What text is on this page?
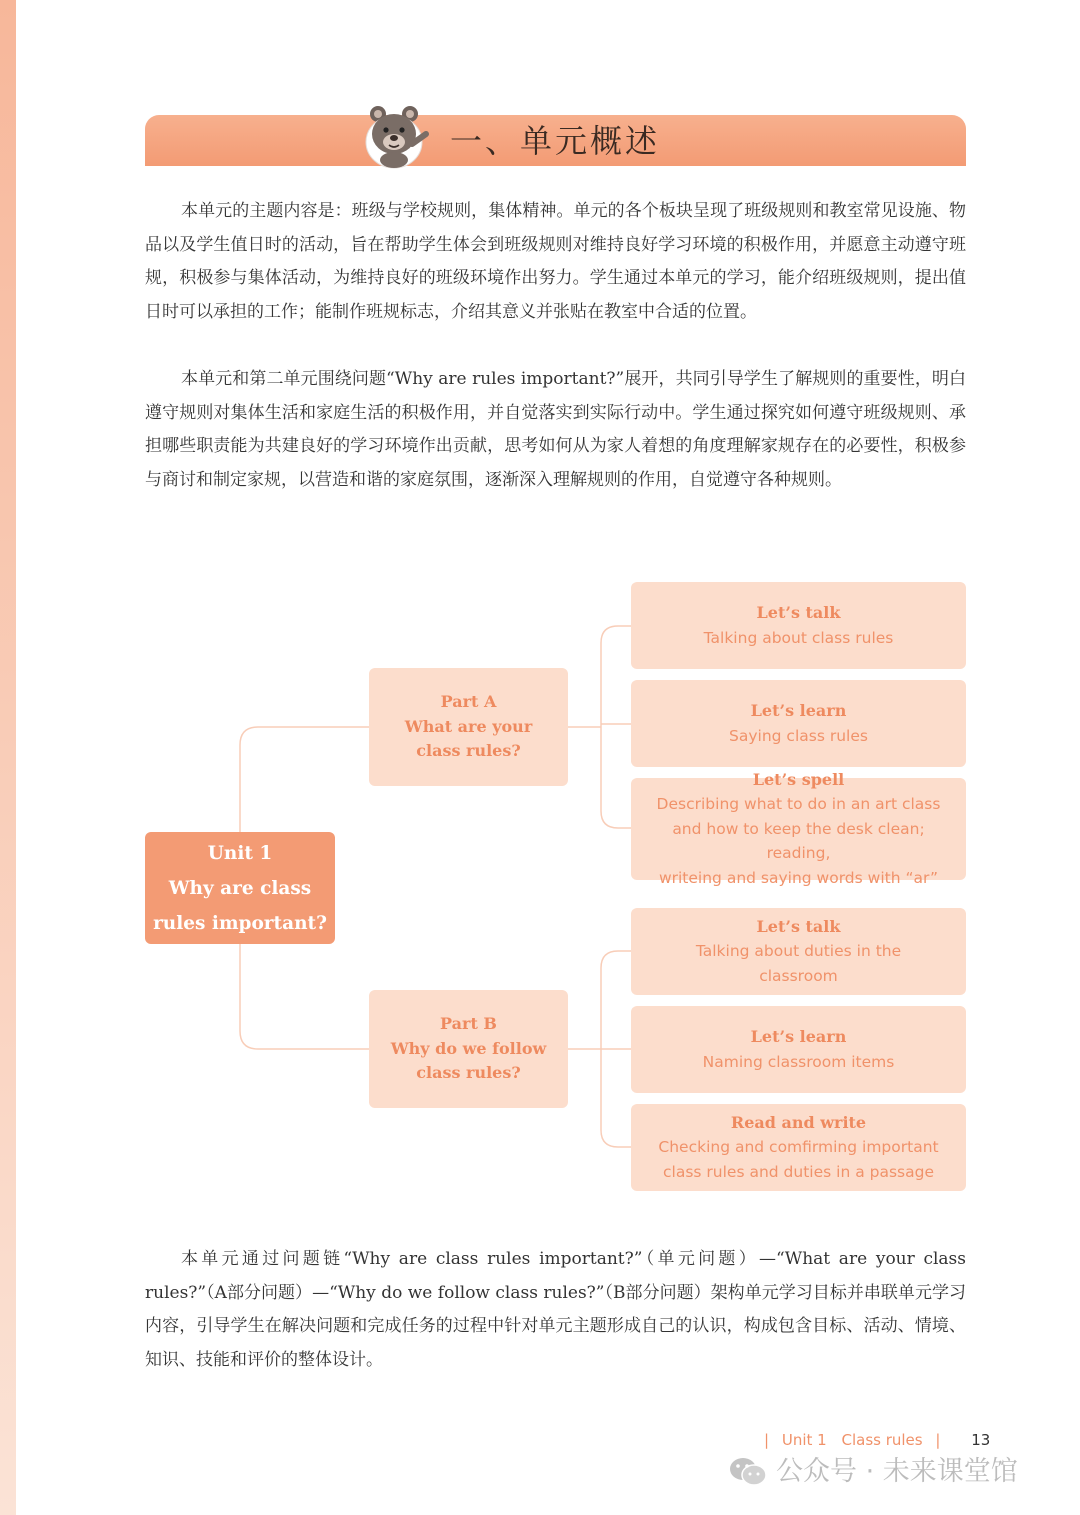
一、单元概述

本单元的主题内容是：班级与学校规则，集体精神。单元的各个板块呈现了班级规则和教室常见设施、物品以及学生值日时的活动，旨在帮助学生体会到班级规则对维持良好学习环境的积极作用，并愿意主动遵守班规，积极参与集体活动，为维持良好的班级环境作出努力。学生通过本单元的学习，能介绍班级规则，提出值日时可以承担的工作；能制作班规标志，介绍其意义并张贴在教室中合适的位置。

本单元和第二单元围绕问题“Why are rules important?”展开，共同引导学生了解规则的重要性，明白遵守规则对集体生活和家庭生活的积极作用，并自觉落实到实际行动中。学生通过探究如何遵守班级规则、承担哪些职责能为共建良好的学习环境作出贡献，思考如何从为家人着想的角度理解家规存在的必要性，积极参与商讨和制定家规，以营造和谐的家庭氛围，逐渐深入理解规则的作用，自觉遵守各种规则。

Unit 1
Why are class
rules important?
Part A
What are your
class rules?
Part B
Why do we follow
class rules?
Let’s talk
Talking about class rules
Let’s learn
Saying class rules
Let’s spell
Describing what to do in an art class
and how to keep the desk clean; reading,
writeing and saying words with “ar”
Let’s talk
Talking about duties in the
classroom
Let’s learn
Naming classroom items
Read and write
Checking and comfirming important
class rules and duties in a passage

本单元通过问题链“Why are class rules important?”（单元问题）—“What are your class rules?”（A部分问题）—“Why do we follow class rules?”（B部分问题）架构单元学习目标并串联单元学习内容，引导学生在解决问题和完成任务的过程中针对单元主题形成自己的认识，构成包含目标、活动、情境、知识、技能和评价的整体设计。

| Unit 1 Class rules | 13
公众号 · 未来课堂馆
